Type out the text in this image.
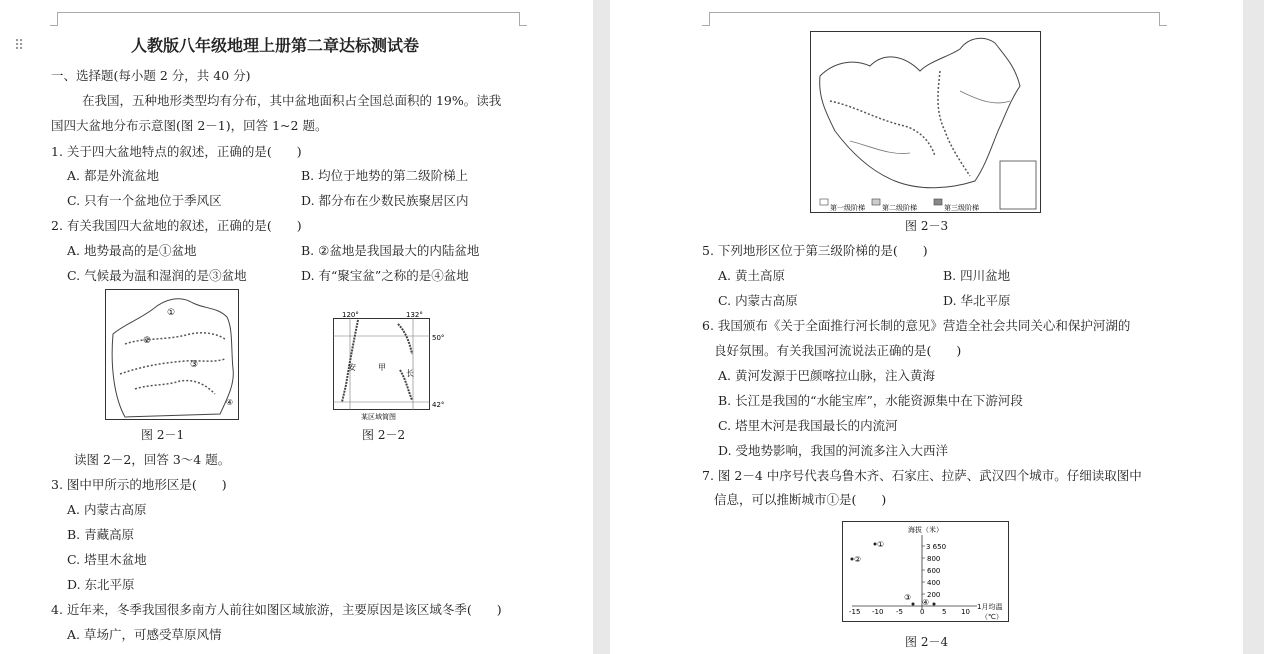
⠿	人教版八年级地理上册第二章达标测试卷
一、选择题(每小题 2 分，共 40 分)
在我国，五种地形类型均有分布，其中盆地面积占全国总面积的 19%。读我
国四大盆地分布示意图(图 2－1)，回答 1~2 题。
1. 关于四大盆地特点的叙述，正确的是(　　)
A. 都是外流盆地	B. 均位于地势的第二级阶梯上
C. 只有一个盆地位于季风区	D. 都分布在少数民族聚居区内
2. 有关我国四大盆地的叙述，正确的是(　　)
A. 地势最高的是①盆地	B. ②盆地是我国最大的内陆盆地
C. 气候最为温和湿润的是③盆地	D. 有“聚宝盆”之称的是④盆地
①
②
③
④
图 2－1
120°	132°
50°
42°
甲
安
长
某区域简图
图 2－2
读图 2－2，回答 3～4 题。
3. 图中甲所示的地形区是(　　)
A. 内蒙古高原
B. 青藏高原
C. 塔里木盆地
D. 东北平原
4. 近年来，冬季我国很多南方人前往如图区域旅游，主要原因是该区域冬季(　　)
A. 草场广，可感受草原风情
第一级阶梯 第二级阶梯	第三级阶梯
图 2－3
5. 下列地形区位于第三级阶梯的是(　　)
A. 黄土高原	B. 四川盆地
C. 内蒙古高原	D. 华北平原
6. 我国颁布《关于全面推行河长制的意见》营造全社会共同关心和保护河湖的
良好氛围。有关我国河流说法正确的是(　　)
A. 黄河发源于巴颜喀拉山脉，注入黄海
B. 长江是我国的“水能宝库”，水能资源集中在下游河段
C. 塔里木河是我国最长的内流河
D. 受地势影响，我国的河流多注入大西洋
7. 图 2－4 中序号代表乌鲁木齐、石家庄、拉萨、武汉四个城市。仔细读取图中
信息，可以推断城市①是(　　)
海拔（米）
3 650
800
600
400
200
-15 -10 -5 0	5 10
1月均温
（℃）
①
②
③
④
图 2－4
